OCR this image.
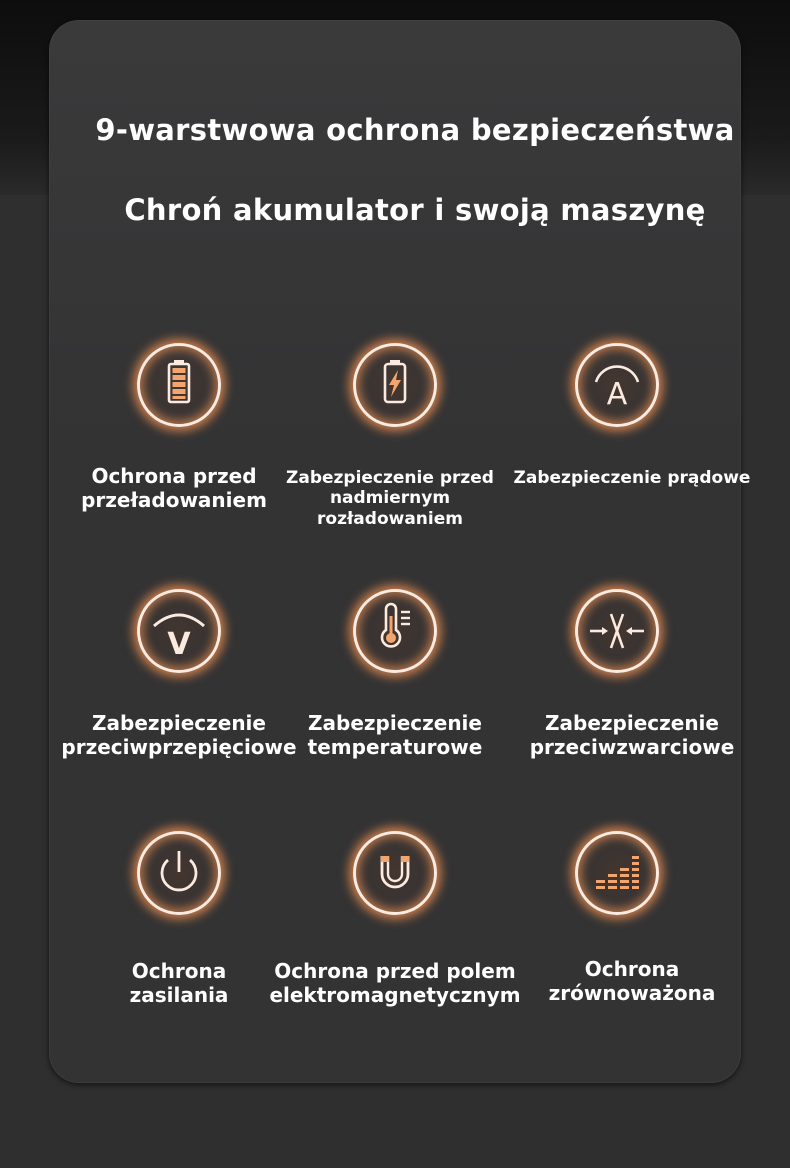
9-warstwowa ochrona bezpieczeństwa
Chroń akumulator i swoją maszynę

Ochrona przed przeładowaniem

Zabezpieczenie przed nadmiernym rozładowaniem

A

Zabezpieczenie prądowe

V

Zabezpieczenie przeciwprzepięciowe

Zabezpieczenie temperaturowe

Zabezpieczenie przeciwzwarciowe

Ochrona zasilania

Ochrona przed polem elektromagnetycznym

Ochrona zrównoważona
